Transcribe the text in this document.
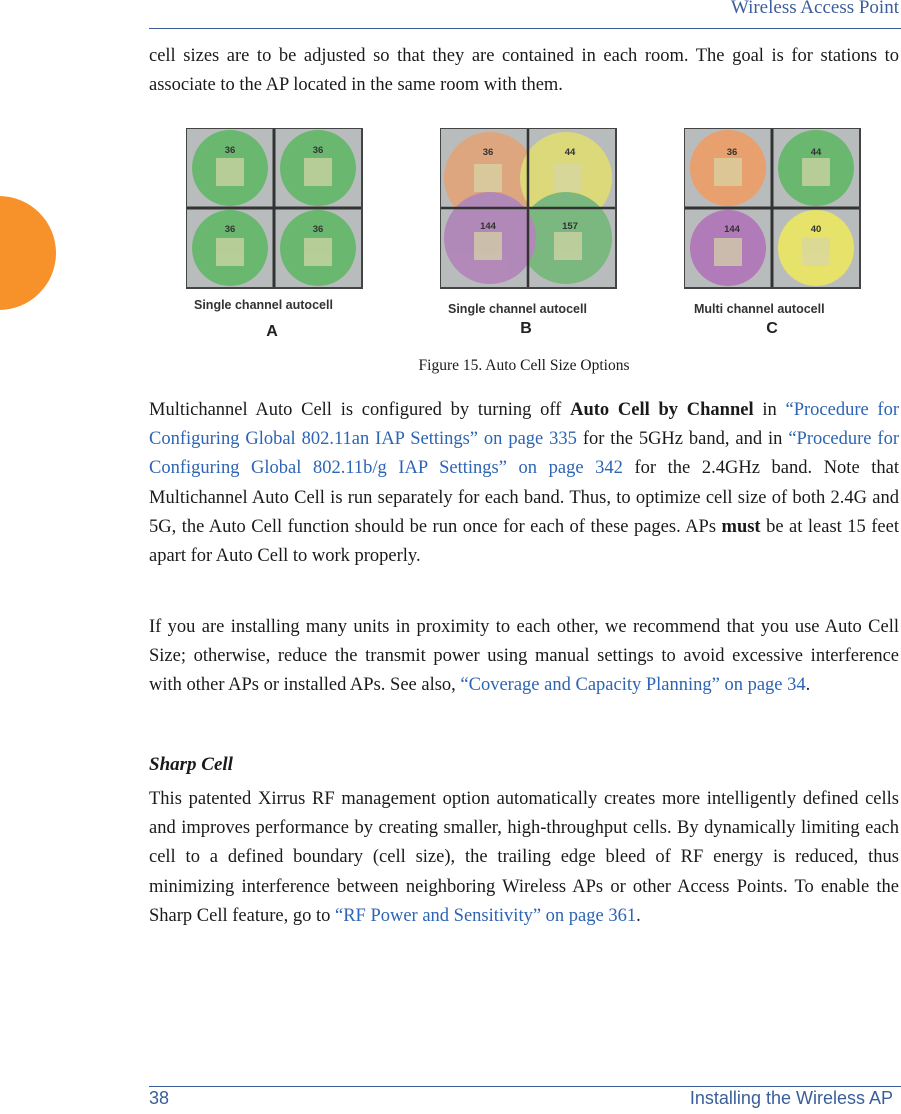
Wireless Access Point

cell sizes are to be adjusted so that they are contained in each room. The goal is for stations to associate to the AP located in the same room with them.

36	36
36	36
Single channel autocell
A
36	44
144	157
Single channel autocell
B
36	44
144	40
Multi channel autocell
C
Figure 15. Auto Cell Size Options

Multichannel Auto Cell is configured by turning off Auto Cell by Channel in “Procedure for Configuring Global 802.11an IAP Settings” on page 335 for the 5GHz band, and in “Procedure for Configuring Global 802.11b/g IAP Settings” on page 342 for the 2.4GHz band. Note that Multichannel Auto Cell is run separately for each band. Thus, to optimize cell size of both 2.4G and 5G, the Auto Cell function should be run once for each of these pages. APs must be at least 15 feet apart for Auto Cell to work properly.

If you are installing many units in proximity to each other, we recommend that you use Auto Cell Size; otherwise, reduce the transmit power using manual settings to avoid excessive interference with other APs or installed APs. See also, “Coverage and Capacity Planning” on page 34.

Sharp Cell

This patented Xirrus RF management option automatically creates more intelligently defined cells and improves performance by creating smaller, high-throughput cells. By dynamically limiting each cell to a defined boundary (cell size), the trailing edge bleed of RF energy is reduced, thus minimizing interference between neighboring Wireless APs or other Access Points. To enable the Sharp Cell feature, go to “RF Power and Sensitivity” on page 361.

38	Installing the Wireless AP
